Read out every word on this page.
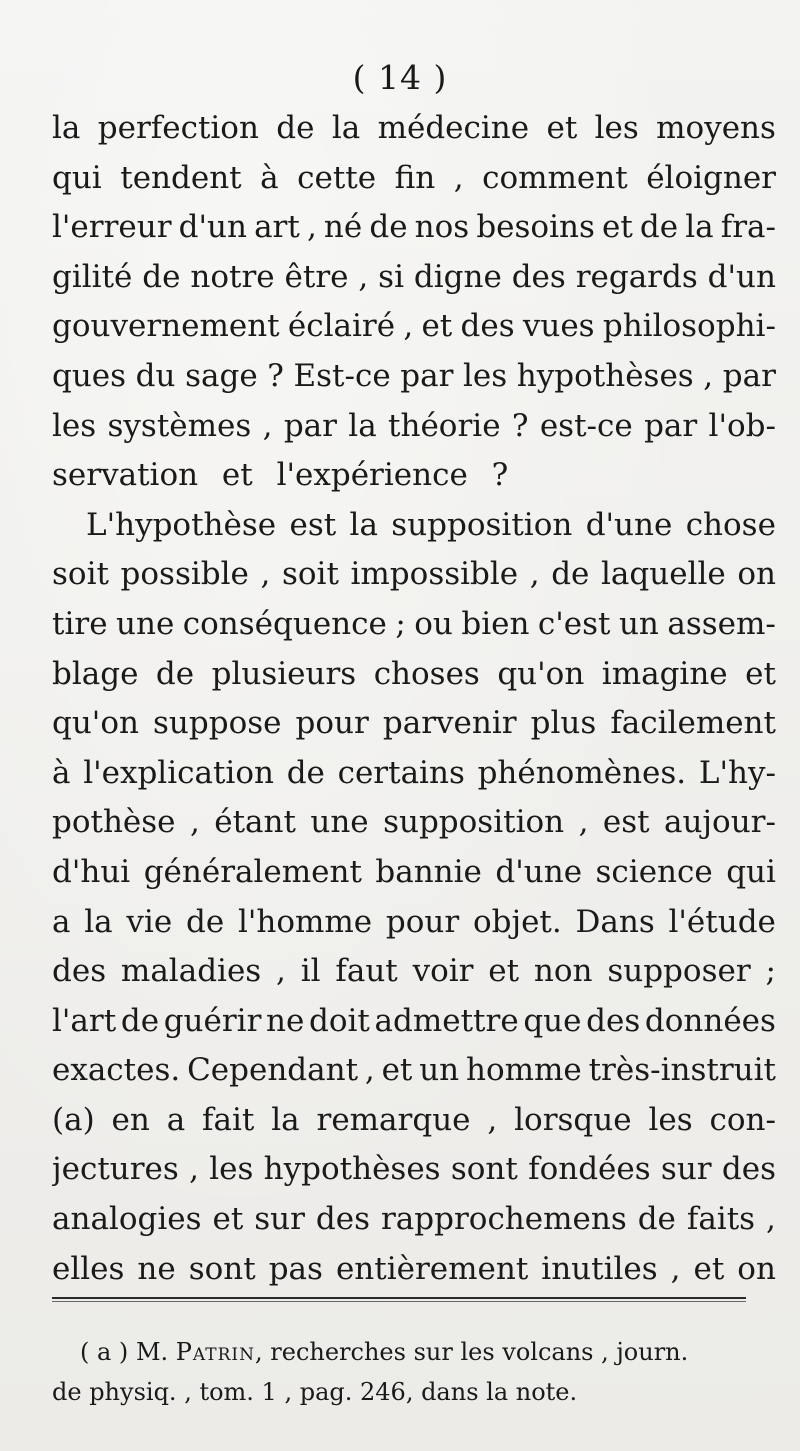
( 14 )
la perfection de la médecine et les moyens
qui tendent à cette fin , comment éloigner
l'erreur d'un art , né de nos besoins et de la fra-
gilité de notre être , si digne des regards d'un
gouvernement éclairé , et des vues philosophi-
ques du sage ? Est-ce par les hypothèses , par
les systèmes , par la théorie ? est-ce par l'ob-
servation et l'expérience ?
L'hypothèse est la supposition d'une chose
soit possible , soit impossible , de laquelle on
tire une conséquence ; ou bien c'est un assem-
blage de plusieurs choses qu'on imagine et
qu'on suppose pour parvenir plus facilement
à l'explication de certains phénomènes. L'hy-
pothèse , étant une supposition , est aujour-
d'hui généralement bannie d'une science qui
a la vie de l'homme pour objet. Dans l'étude
des maladies , il faut voir et non supposer ;
l'art de guérir ne doit admettre que des données
exactes. Cependant , et un homme très-instruit
(a) en a fait la remarque , lorsque les con-
jectures , les hypothèses sont fondées sur des
analogies et sur des rapprochemens de faits ,
elles ne sont pas entièrement inutiles , et on
( a ) M. Patrin, recherches sur les volcans , journ.
de physiq. , tom. 1 , pag. 246, dans la note.
